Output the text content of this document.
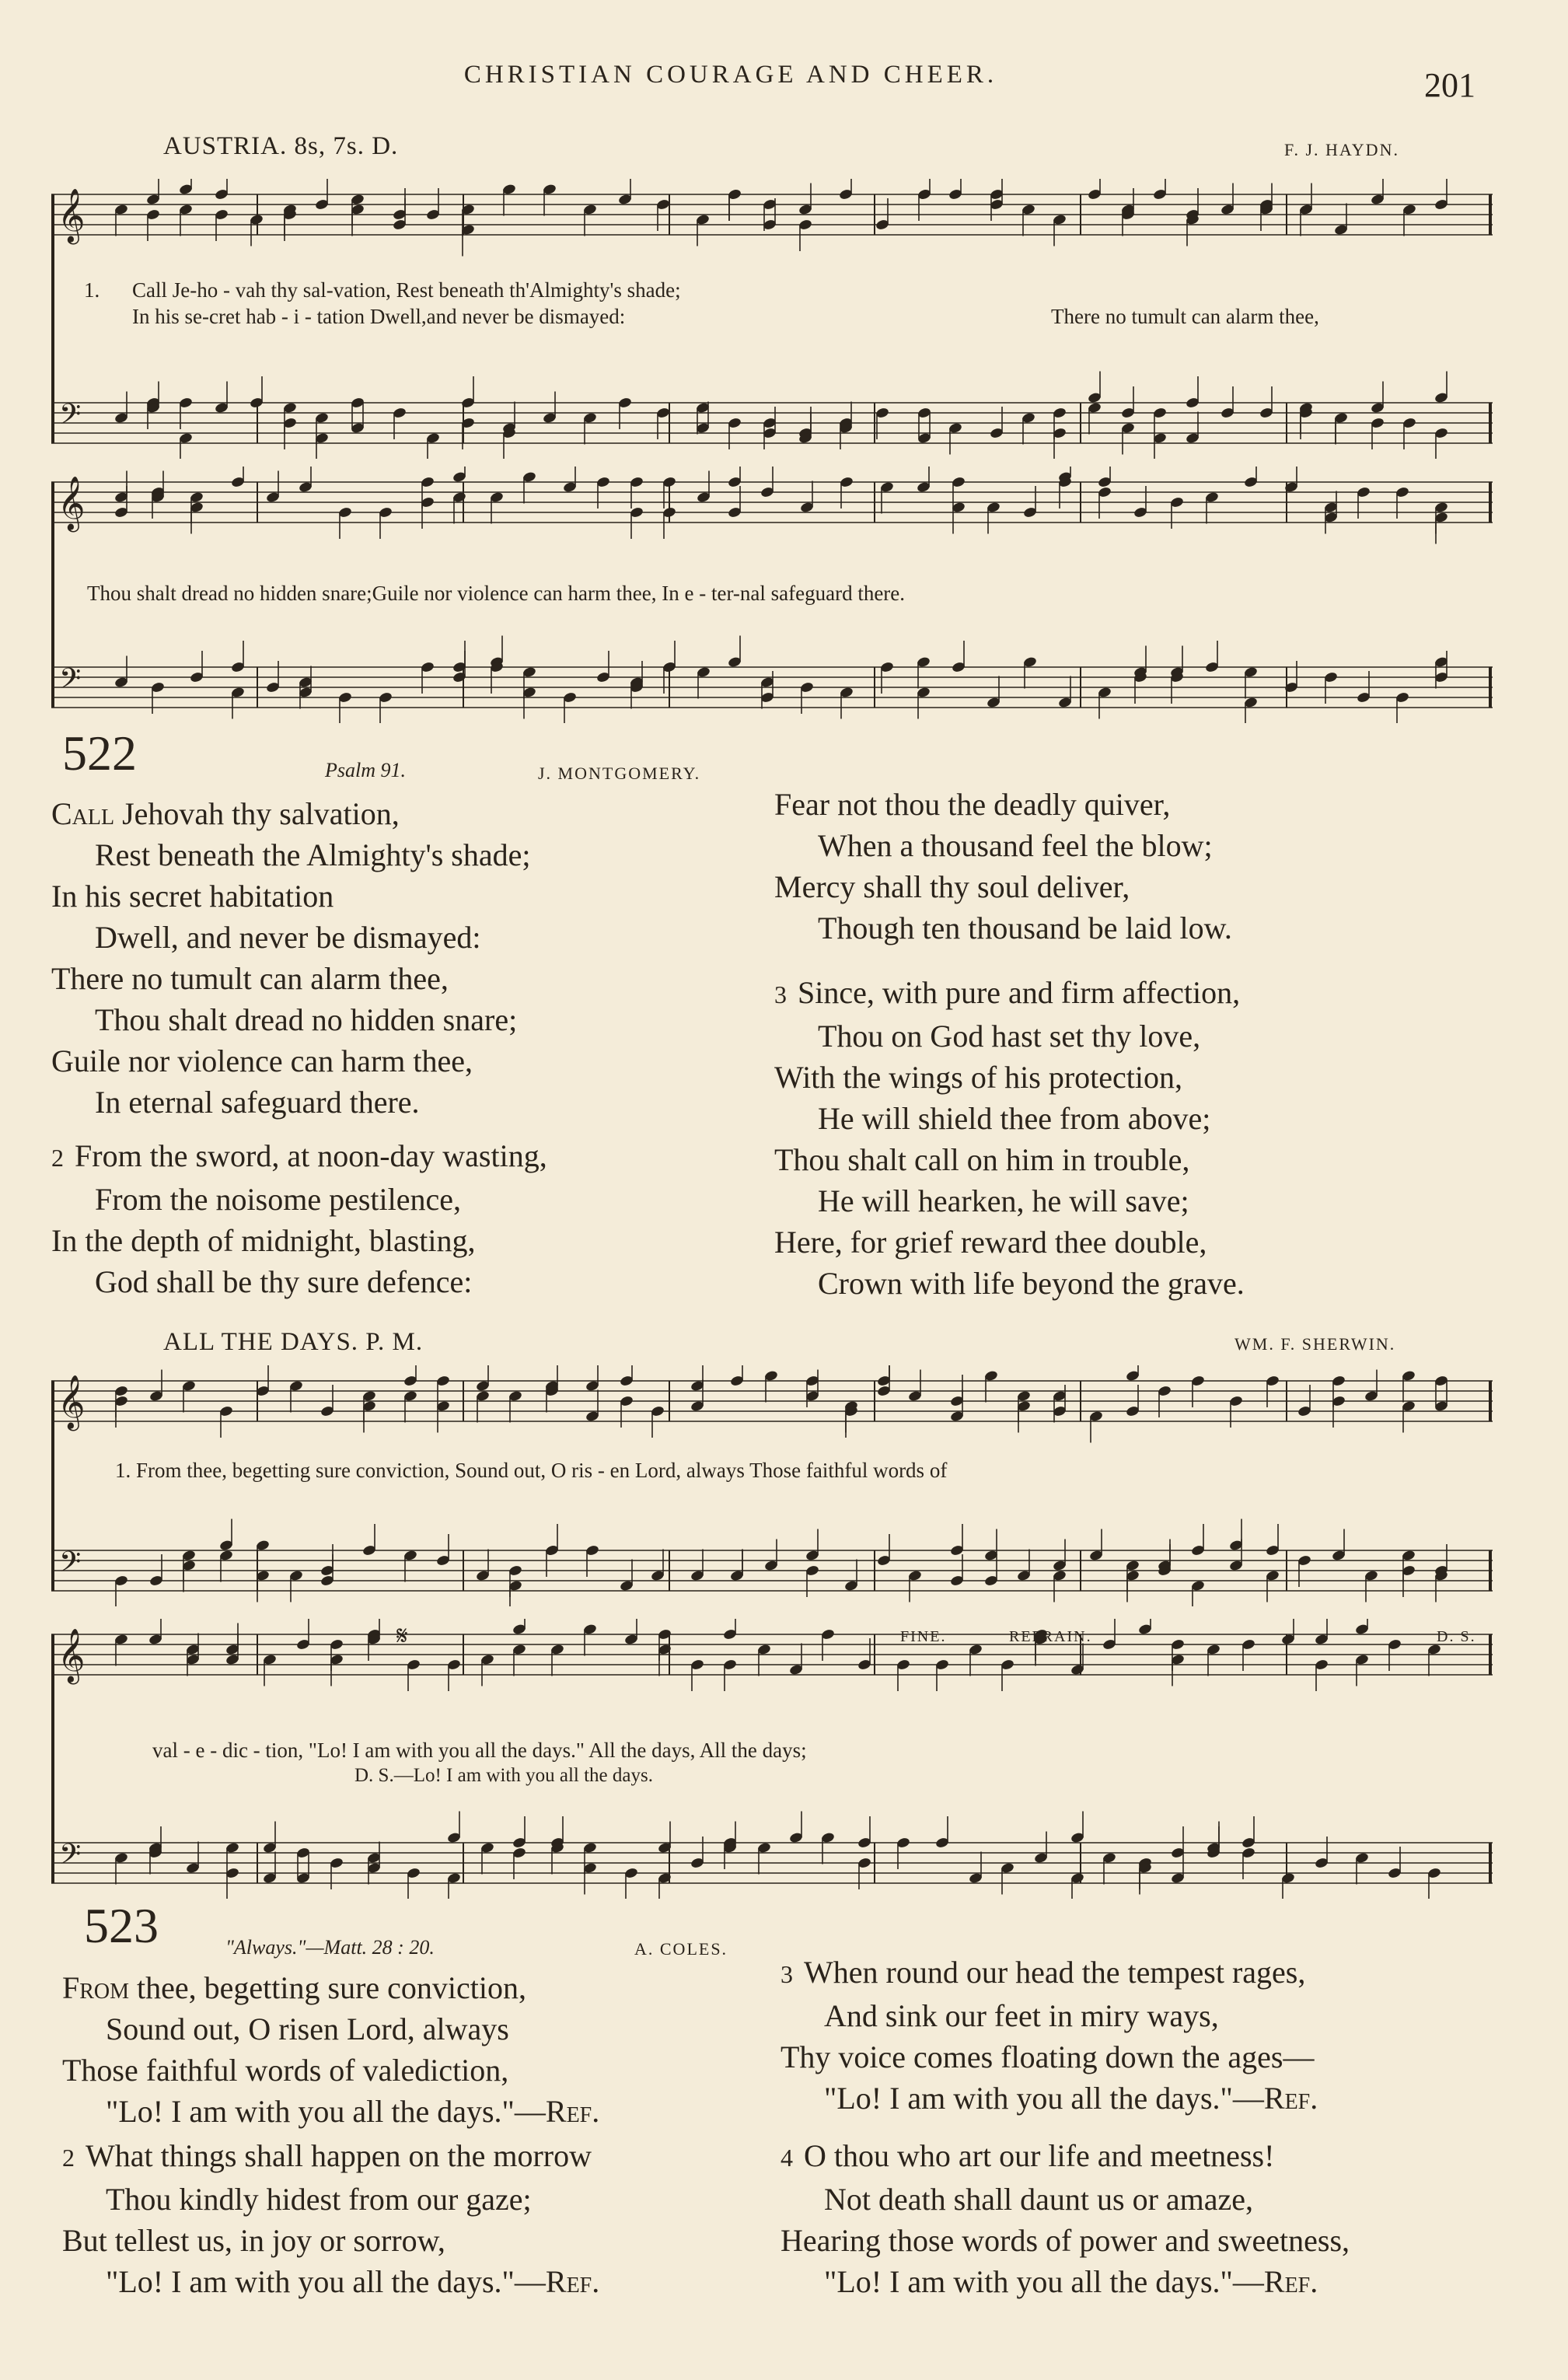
CHRISTIAN COURAGE AND CHEER.	201
AUSTRIA. 8s, 7s. D.	F. J. HAYDN.
𝄞
𝄢
1. Call Je-ho - vah thy sal-vation, Rest beneath th'Almighty's shade;
In his se-cret hab - i - tation Dwell,and never be dismayed:	There no tumult can alarm thee,
𝄞
𝄢
Thou shalt dread no hidden snare;Guile nor violence can harm thee, In e - ter-nal safeguard there.
522	Psalm 91.	J. MONTGOMERY.
Call Jehovah thy salvation,
Rest beneath the Almighty's shade;
In his secret habitation
Dwell, and never be dismayed:
There no tumult can alarm thee,
Thou shalt dread no hidden snare;
Guile nor violence can harm thee,
In eternal safeguard there.
2 From the sword, at noon-day wasting,
From the noisome pestilence,
In the depth of midnight, blasting,
God shall be thy sure defence:
Fear not thou the deadly quiver,
When a thousand feel the blow;
Mercy shall thy soul deliver,
Though ten thousand be laid low.
3 Since, with pure and firm affection,
Thou on God hast set thy love,
With the wings of his protection,
He will shield thee from above;
Thou shalt call on him in trouble,
He will hearken, he will save;
Here, for grief reward thee double,
Crown with life beyond the grave.
ALL THE DAYS. P. M.	WM. F. SHERWIN.
𝄞
𝄢
1. From thee, begetting sure conviction, Sound out, O ris - en Lord, always Those faithful words of
𝄞
𝄢
𝄋	FINE.	REFRAIN.	D. S.
val - e - dic - tion, "Lo! I am with you all the days." All the days, All the days;
D. S.—Lo! I am with you all the days.
523	"Always."—Matt. 28 : 20.	A. COLES.
From thee, begetting sure conviction,
Sound out, O risen Lord, always
Those faithful words of valediction,
"Lo! I am with you all the days."—Ref.
2 What things shall happen on the morrow
Thou kindly hidest from our gaze;
But tellest us, in joy or sorrow,
"Lo! I am with you all the days."—Ref.
3 When round our head the tempest rages,
And sink our feet in miry ways,
Thy voice comes floating down the ages—
"Lo! I am with you all the days."—Ref.
4 O thou who art our life and meetness!
Not death shall daunt us or amaze,
Hearing those words of power and sweetness,
"Lo! I am with you all the days."—Ref.
